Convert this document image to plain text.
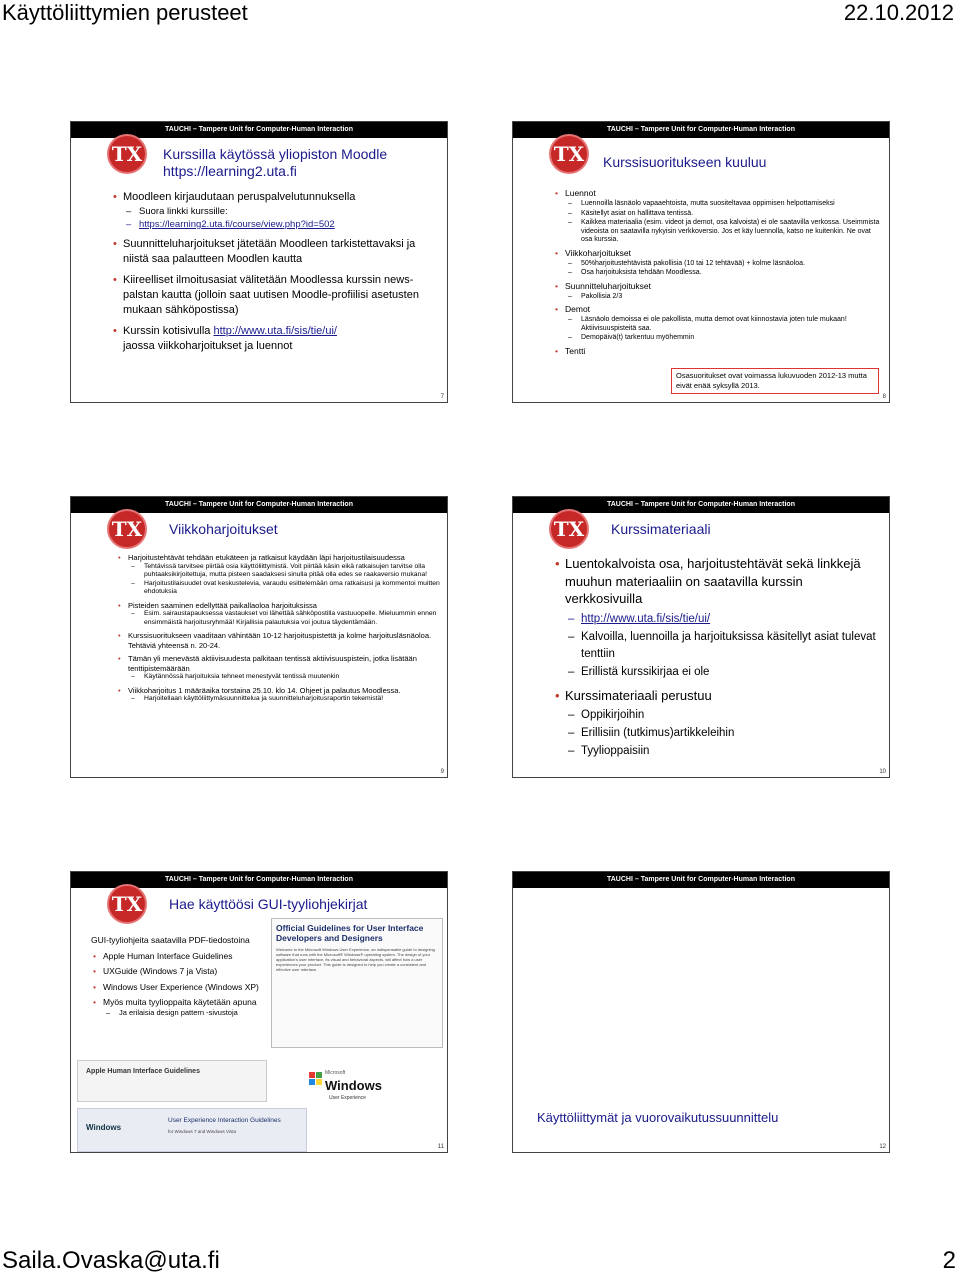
Käyttöliittymien perusteet	22.10.2012
Saila.Ovaska@uta.fi	2
TAUCHI – Tampere Unit for Computer-Human Interaction
TX Kurssilla käytössä yliopiston Moodle
https://learning2.uta.fi
• Moodleen kirjaudutaan peruspalvelutunnuksella
– Suora linkki kurssille:
– https://learning2.uta.fi/course/view.php?id=502
• Suunnitteluharjoitukset jätetään Moodleen tarkistettavaksi ja niistä saa palautteen Moodlen kautta
• Kiireelliset ilmoitusasiat välitetään Moodlessa kurssin news-palstan kautta (jolloin saat uutisen Moodle-profiilisi asetusten mukaan sähköpostissa)
• Kurssin kotisivulla http://www.uta.fi/sis/tie/ui/
jaossa viikkoharjoitukset ja luennot
7
TAUCHI – Tampere Unit for Computer-Human Interaction
TX Kurssisuoritukseen kuuluu
• Luennot
– Luennoilla läsnäolo vapaaehtoista, mutta suositeltavaa oppimisen helpottamiseksi
– Käsitellyt asiat on hallittava tentissä.
– Kaikkea materiaalia (esim. videot ja demot, osa kalvoista) ei ole saatavilla verkossa. Useimmista videoista on saatavilla nykyisin verkkoversio. Jos et käy luennolla, katso ne kuitenkin. Ne ovat osa kurssia.
• Viikkoharjoitukset
– 50%harjoitustehtävistä pakollisia (10 tai 12 tehtävää) + kolme läsnäoloa.
– Osa harjoituksista tehdään Moodlessa.
• Suunnitteluharjoitukset
– Pakollisia 2/3
• Demot
– Läsnäolo demoissa ei ole pakollista, mutta demot ovat kiinnostavia joten tule mukaan! Aktiivisuuspisteitä saa.
– Demopäivä(t) tarkentuu myöhemmin
• Tentti
Osasuoritukset ovat voimassa lukuvuoden 2012-13 mutta eivät enää syksyllä 2013.
8
TAUCHI – Tampere Unit for Computer-Human Interaction
TX Viikkoharjoitukset
• Harjoitustehtävät tehdään etukäteen ja ratkaisut käydään läpi harjoitustilaisuudessa
– Tehtävissä tarvitsee piirtää osia käyttöliittymistä. Voit piirtää käsin eikä ratkaisujen tarvitse olla puhtaaksikirjoitettuja, mutta pisteen saadaksesi sinulla pitää olla edes se raakaversio mukana!
– Harjoitustilaisuudet ovat keskustelevia, varaudu esittelemään oma ratkaisusi ja kommentoi muitten ehdotuksia
• Pisteiden saaminen edellyttää paikallaoloa harjoituksissa
– Esim. sairaustapauksessa vastaukset voi lähettää sähköpostilla vastuuopelle. Mieluummin ennen ensimmäistä harjoitusryhmää! Kirjallisia palautuksia voi joutua täydentämään.
• Kurssisuoritukseen vaaditaan vähintään 10-12 harjoituspistettä ja kolme harjoitusläsnäoloa. Tehtäviä yhteensä n. 20-24.
• Tämän yli menevästä aktiivisuudesta palkitaan tentissä aktiivisuuspistein, jotka lisätään tenttipistemäärään
– Käytännössä harjoituksia tehneet menestyvät tentissä muutenkin
• Viikkoharjoitus 1 määräaika torstaina 25.10. klo 14. Ohjeet ja palautus Moodlessa.
– Harjoitellaan käyttöliittymäsuunnittelua ja suunnitteluharjoitusraportin tekemistä!
9
TAUCHI – Tampere Unit for Computer-Human Interaction
TX Kurssimateriaali
• Luentokalvoista osa, harjoitustehtävät sekä linkkejä muuhun materiaaliin on saatavilla kurssin verkkosivuilla
– http://www.uta.fi/sis/tie/ui/
– Kalvoilla, luennoilla ja harjoituksissa käsitellyt asiat tulevat tenttiin
– Erillistä kurssikirjaa ei ole
• Kurssimateriaali perustuu
– Oppikirjoihin
– Erillisiin (tutkimus)artikkeleihin
– Tyylioppaisiin
10
TAUCHI – Tampere Unit for Computer-Human Interaction
TX Hae käyttöösi GUI-tyyliohjekirjat

GUI-tyyliohjeita saatavilla PDF-tiedostoina

• Apple Human Interface Guidelines
• UXGuide (Windows 7 ja Vista)
• Windows User Experience (Windows XP)
• Myös muita tyylioppaita käytetään apuna
– Ja erilaisia design pattern -sivustoja
Official Guidelines for User Interface Developers and Designers
Welcome to the Microsoft Windows User Experience, an indispensable guide to designing software that runs with the Microsoft® Windows® operating system. The design of your application's user interface, its visual and behavioral aspects, will affect how a user experiences your product. This guide is designed to help you create a consistent and effective user interface.
Apple Human Interface Guidelines	Microsoft
Windows
User Experience
Windows
User Experience Interaction Guidelines
for Windows 7 and Windows Vista
11
TAUCHI – Tampere Unit for Computer-Human Interaction
Käyttöliittymät ja vuorovaikutussuunnittelu
12
